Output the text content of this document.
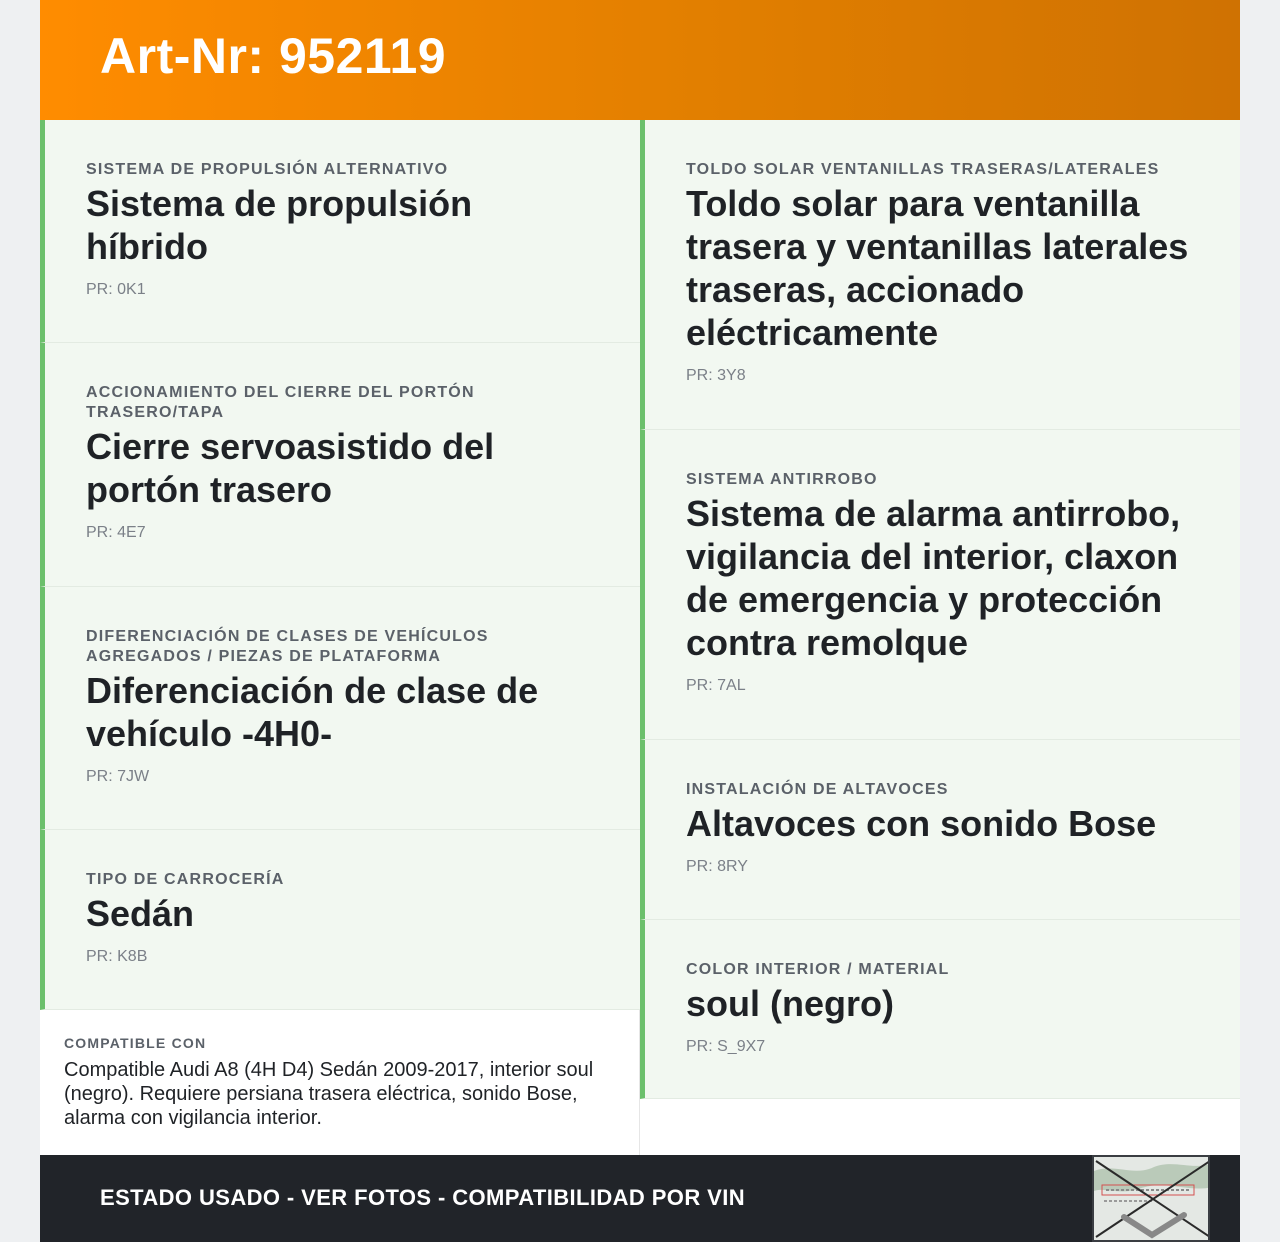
Art-Nr: 952119
SISTEMA DE PROPULSIÓN ALTERNATIVO
Sistema de propulsión híbrido
PR: 0K1
ACCIONAMIENTO DEL CIERRE DEL PORTÓN TRASERO/TAPA
Cierre servoasistido del portón trasero
PR: 4E7
DIFERENCIACIÓN DE CLASES DE VEHÍCULOS AGREGADOS / PIEZAS DE PLATAFORMA
Diferenciación de clase de vehículo -4H0-
PR: 7JW
TIPO DE CARROCERÍA
Sedán
PR: K8B
TOLDO SOLAR VENTANILLAS TRASERAS/LATERALES
Toldo solar para ventanilla trasera y ventanillas laterales traseras, accionado eléctricamente
PR: 3Y8
SISTEMA ANTIRROBO
Sistema de alarma antirrobo, vigilancia del interior, claxon de emergencia y protección contra remolque
PR: 7AL
INSTALACIÓN DE ALTAVOCES
Altavoces con sonido Bose
PR: 8RY
COLOR INTERIOR / MATERIAL
soul (negro)
PR: S_9X7
COMPATIBLE CON
Compatible Audi A8 (4H D4) Sedán 2009-2017, interior soul (negro). Requiere persiana trasera eléctrica, sonido Bose, alarma con vigilancia interior.
ESTADO USADO - VER FOTOS - COMPATIBILIDAD POR VIN
